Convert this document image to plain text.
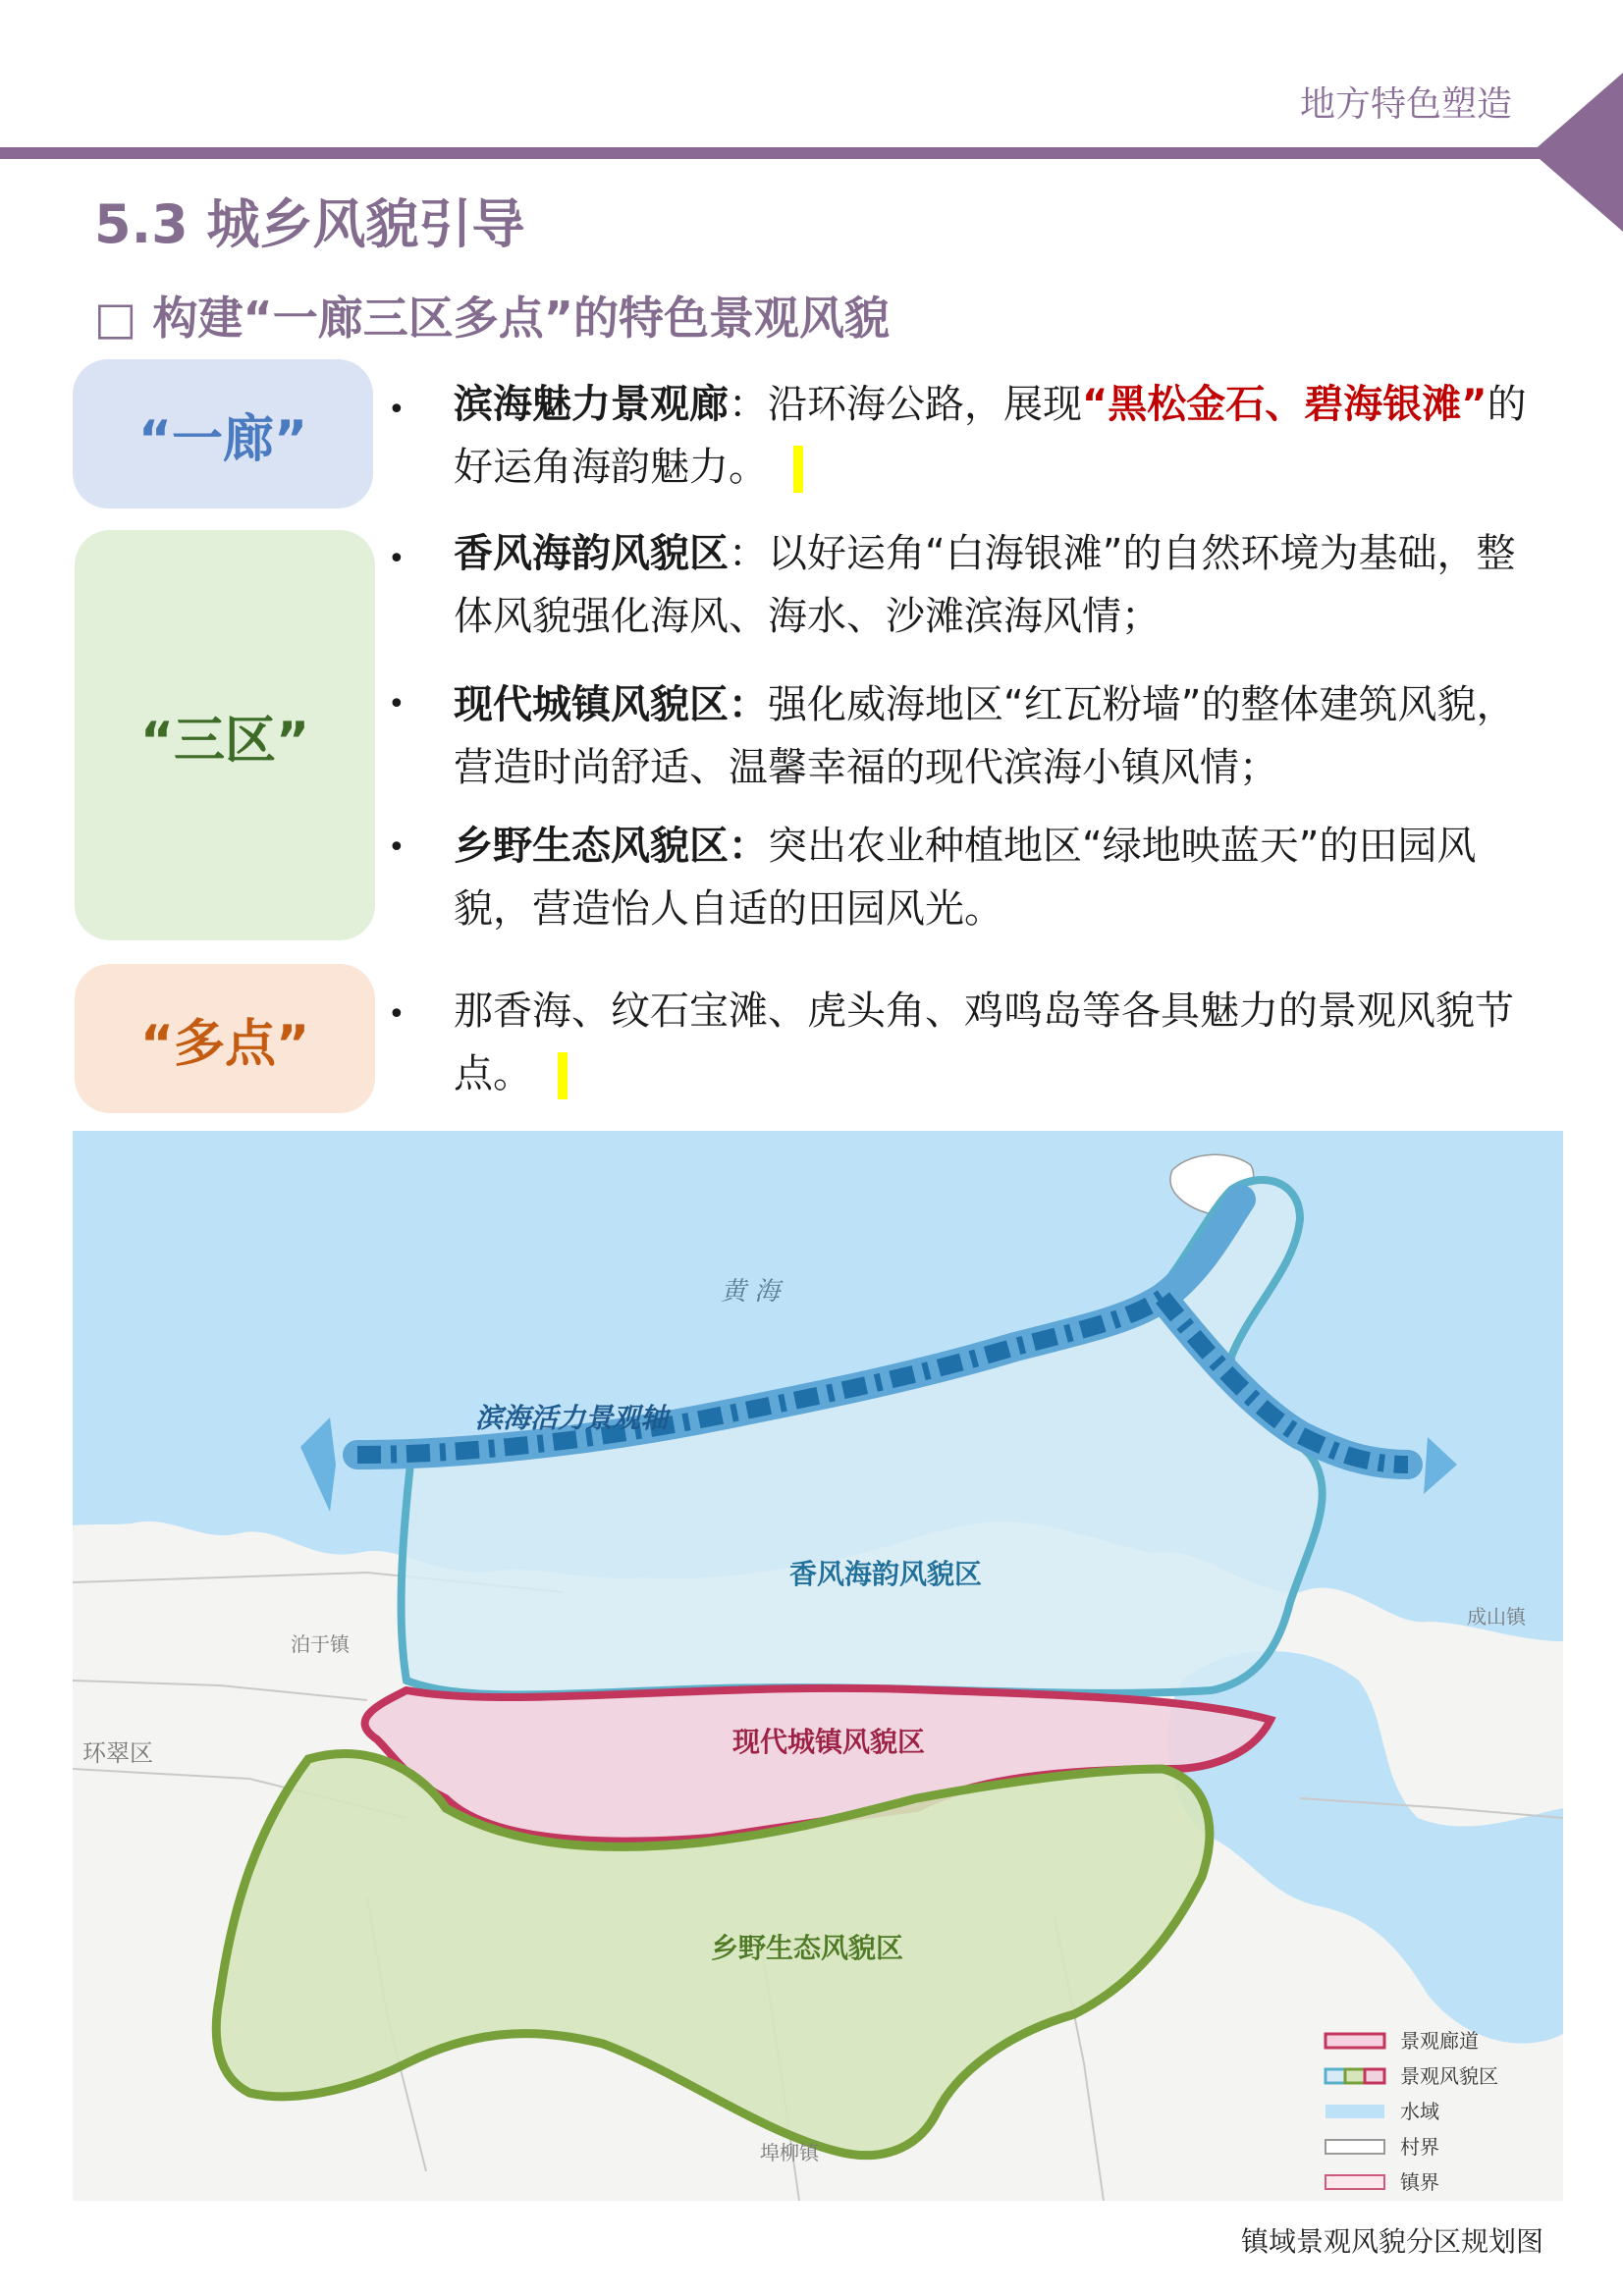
地方特色塑造
5.3 城乡风貌引导
□ 构建“一廊三区多点”的特色景观风貌
“一廊”
“三区”
“多点”
• 滨海魅力景观廊：沿环海公路，展现“黑松金石、碧海银滩”的好运角海韵魅力。
• 香风海韵风貌区：以好运角“白海银滩”的自然环境为基础，整体风貌强化海风、海水、沙滩滨海风情；
• 现代城镇风貌区：强化威海地区“红瓦粉墙”的整体建筑风貌，营造时尚舒适、温馨幸福的现代滨海小镇风情；
• 乡野生态风貌区：突出农业种植地区“绿地映蓝天”的田园风貌，营造怡人自适的田园风光。
• 那香海、纹石宝滩、虎头角、鸡鸣岛等各具魅力的景观风貌节点。
黄 海
滨海活力景观轴
香风海韵风貌区
现代城镇风貌区
乡野生态风貌区
泊于镇
环翠区
成山镇
埠柳镇
景观廊道
景观风貌区
水域
村界
镇界
镇域景观风貌分区规划图
